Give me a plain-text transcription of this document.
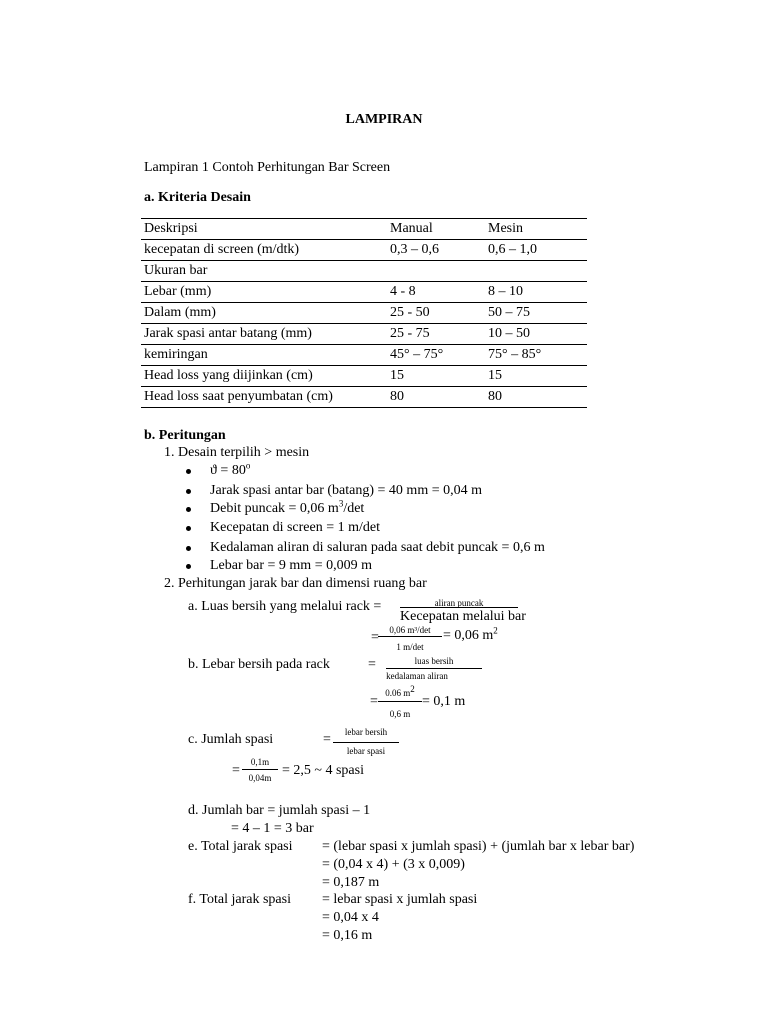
LAMPIRAN
Lampiran 1 Contoh Perhitungan Bar Screen
a. Kriteria Desain
Deskripsi	Manual	Mesin
kecepatan di screen (m/dtk)	0,3 – 0,6	0,6 – 1,0
Ukuran bar		
Lebar (mm)	4 - 8	8 – 10
Dalam (mm)	25 - 50	50 – 75
Jarak spasi antar batang (mm)	25 - 75	10 – 50
kemiringan	45° – 75°	75° – 85°
Head loss yang diijinkan (cm)	15	15
Head loss saat penyumbatan (cm)	80	80
b. Peritungan
1. Desain terpilih > mesin
$ϑ = 80^o$
Jarak spasi antar bar (batang) = 40 mm = 0,04 m
Debit puncak = 0,06 $m^3/\det$
Kecepatan di screen = 1 m/det
Kedalaman aliran di saluran pada saat debit puncak = 0,6 m
Lebar bar = 9 mm = 0,009 m
2. Perhitungan jarak bar dan dimensi ruang bar
a. Luas bersih yang melalui rack =	aliran puncak
Kecepatan melalui bar
=	0,06 m³/det
1 m/det
= 0,06 $m^2$
b. Lebar bersih pada rack	=	luas bersih
kedalaman aliran
=
0.06 $m^2$
0,6 m
= 0,1 m
c. Jumlah spasi	=	lebar bersih
lebar spasi
=
0,1m
0,04m = 2,5 ~ 4 spasi
d. Jumlah bar = jumlah spasi – 1
= 4 – 1 = 3 bar
e. Total jarak spasi = (lebar spasi x jumlah spasi) + (jumlah bar x lebar bar)
= (0,04 x 4) + (3 x 0,009)
= 0,187 m
f. Total jarak spasi = lebar spasi x jumlah spasi
= 0,04 x 4
= 0,16 m
